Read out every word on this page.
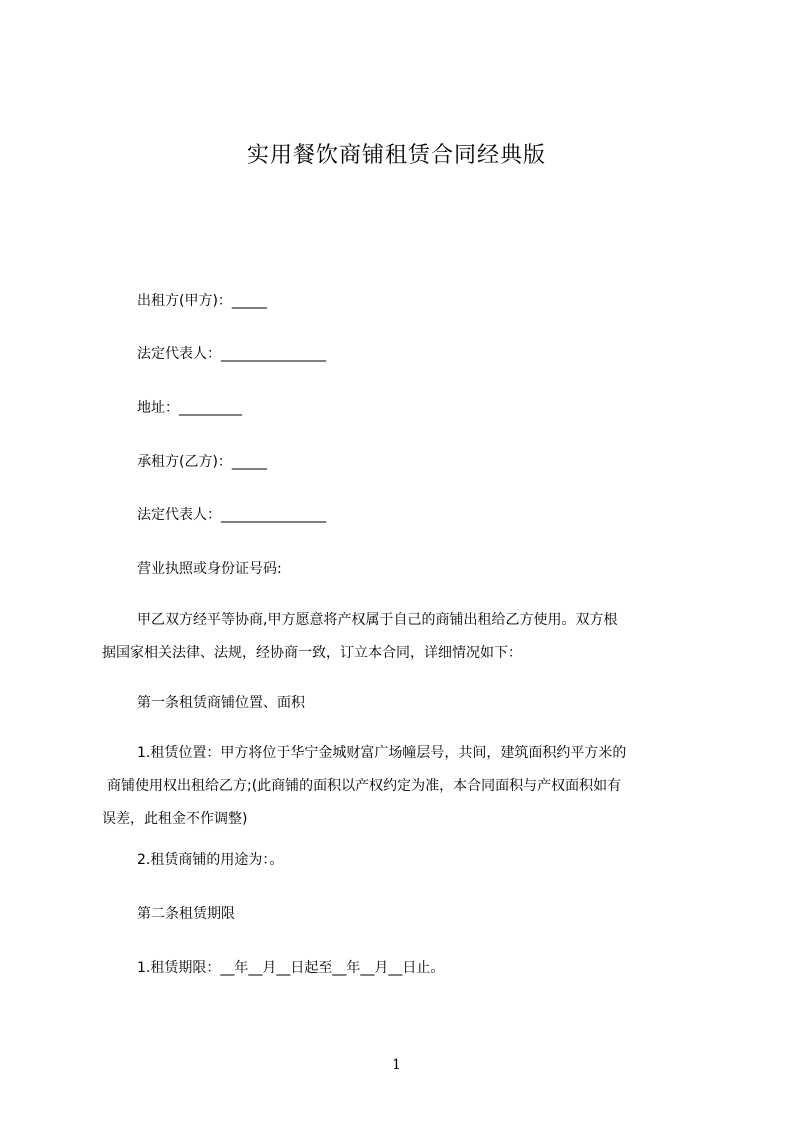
实用餐饮商铺租赁合同经典版
出租方(甲方)：_____
法定代表人：_______________
地址：_________
承租方(乙方)：_____
法定代表人：_______________
营业执照或身份证号码:
甲乙双方经平等协商,甲方愿意将产权属于自己的商铺出租给乙方使用。双方根
据国家相关法律、法规，经协商一致，订立本合同，详细情况如下：
第一条租赁商铺位置、面积
1.租赁位置：甲方将位于华宁金城财富广场幢层号，共间，建筑面积约平方米的
商铺使用权出租给乙方;(此商铺的面积以产权约定为准，本合同面积与产权面积如有
误差，此租金不作调整)
2.租赁商铺的用途为：。
第二条租赁期限
1.租赁期限：__年__月__日起至__年__月__日止。
1
